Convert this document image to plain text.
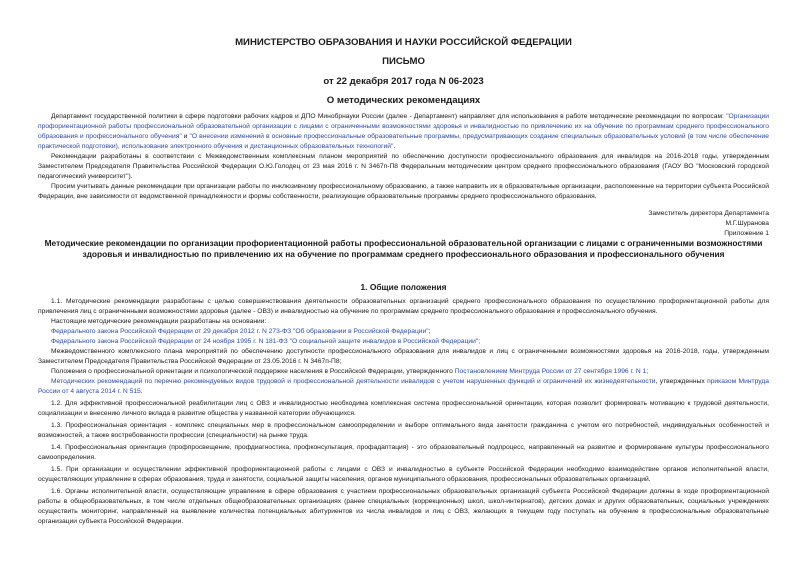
МИНИСТЕРСТВО ОБРАЗОВАНИЯ И НАУКИ РОССИЙСКОЙ ФЕДЕРАЦИИ
ПИСЬМО
от 22 декабря 2017 года N 06-2023
О методических рекомендациях
Департамент государственной политики в сфере подготовки рабочих кадров и ДПО Минобрнауки России (далее - Департамент) направляет для использования в работе методические рекомендации по вопросам: "Организации профориентационной работы профессиональной образовательной организации с лицами с ограниченными возможностями здоровья и инвалидностью по привлечению их на обучение по программам среднего профессионального образования и профессионального обучения" и "О внесении изменений в основные профессиональные образовательные программы, предусматривающих создание специальных образовательных условий (в том числе обеспечение практической подготовки), использование электронного обучения и дистанционных образовательных технологий".
Рекомендации разработаны в соответствии с Межведомственным комплексным планом мероприятий по обеспечению доступности профессионального образования для инвалидов на 2016-2018 годы, утвержденным Заместителем Председателя Правительства Российской Федерации О.Ю.Голодец от 23 мая 2016 г. N 3467п-П8 Федеральным методическим центром среднего профессионального образования (ГАОУ ВО "Московский городской педагогический университет").
Просим учитывать данные рекомендации при организации работы по инклюзивному профессиональному образованию, а также направить их в образовательные организации, расположенные на территории субъекта Российской Федерации, вне зависимости от ведомственной принадлежности и формы собственности, реализующие образовательные программы среднего профессионального образования.
Заместитель директора Департамента
М.Г.Шуранова
Приложение 1
Методические рекомендации по организации профориентационной работы профессиональной образовательной организации с лицами с ограниченными возможностями здоровья и инвалидностью по привлечению их на обучение по программам среднего профессионального образования и профессионального обучения
1. Общие положения
1.1. Методические рекомендации разработаны с целью совершенствования деятельности образовательных организаций среднего профессионального образования по осуществлению профориентационной работы для привлечения лиц с ограниченными возможностями здоровья (далее - ОВЗ) и инвалидностью на обучение по программам среднего профессионального образования и профессионального обучения.
Настоящие методические рекомендации разработаны на основании:
Федерального закона Российской Федерации от 29 декабря 2012 г. N 273-ФЗ "Об образовании в Российской Федерации";
Федерального закона Российской Федерации от 24 ноября 1995 г. N 181-ФЗ "О социальной защите инвалидов в Российской Федерации";
Межведомственного комплексного плана мероприятий по обеспечению доступности профессионального образования для инвалидов и лиц с ограниченными возможностями здоровья на 2016-2018, годы, утвержденным Заместителем Председателя Правительства Российской Федерации от 23.05.2016 г. N 3467п-П8;
Положения о профессиональной ориентации и психологической поддержке населения в Российской Федерации, утвержденного Постановлением Минтруда России от 27 сентября 1996 г. N 1;
Методических рекомендаций по перечню рекомендуемых видов трудовой и профессиональной деятельности инвалидов с учетом нарушенных функций и ограничений их жизнедеятельности, утвержденных приказом Минтруда России от 4 августа 2014 г. N 515.
1.2. Для эффективной профессиональной реабилитации лиц с ОВЗ и инвалидностью необходима комплексная система профессиональной ориентации, которая позволит формировать мотивацию к трудовой деятельности, социализации и внесению личного вклада в развитие общества у названной категории обучающихся.
1.3. Профессиональная ориентация - комплекс специальных мер в профессиональном самоопределении и выборе оптимального вида занятости гражданина с учетом его потребностей, индивидуальных особенностей и возможностей, а также востребованности профессии (специальности) на рынке труда.
1.4. Профессиональная ориентация (профпросвещение, профдиагностика, профконсультация, профадаптация) - это образовательный подпроцесс, направленный на развитие и формирование культуры профессионального самоопределения.
1.5. При организации и осуществлении эффективной профориентационной работы с лицами с ОВЗ и инвалидностью в субъекте Российской Федерации необходимо взаимодействие органов исполнительной власти, осуществляющих управление в сферах образования, труда и занятости, социальной защиты населения, органов муниципального образования, профессиональных образовательных организаций.
1.6. Органы исполнительной власти, осуществляющие управление в сфере образования с участием профессиональных образовательных организаций субъекта Российской Федерации должны в ходе профориентационной работы в общеобразовательных, в том числе отдельных общеобразовательных организациях (ранее специальных (коррекционных) школ, школ-интернатов), детских домах и других образовательных, социальных учреждениях осуществить мониторинг, направленный на выявление количества потенциальных абитуриентов из числа инвалидов и лиц с ОВЗ, желающих в текущем году поступать на обучение в профессиональные образовательные организации субъекта Российской Федерации.
